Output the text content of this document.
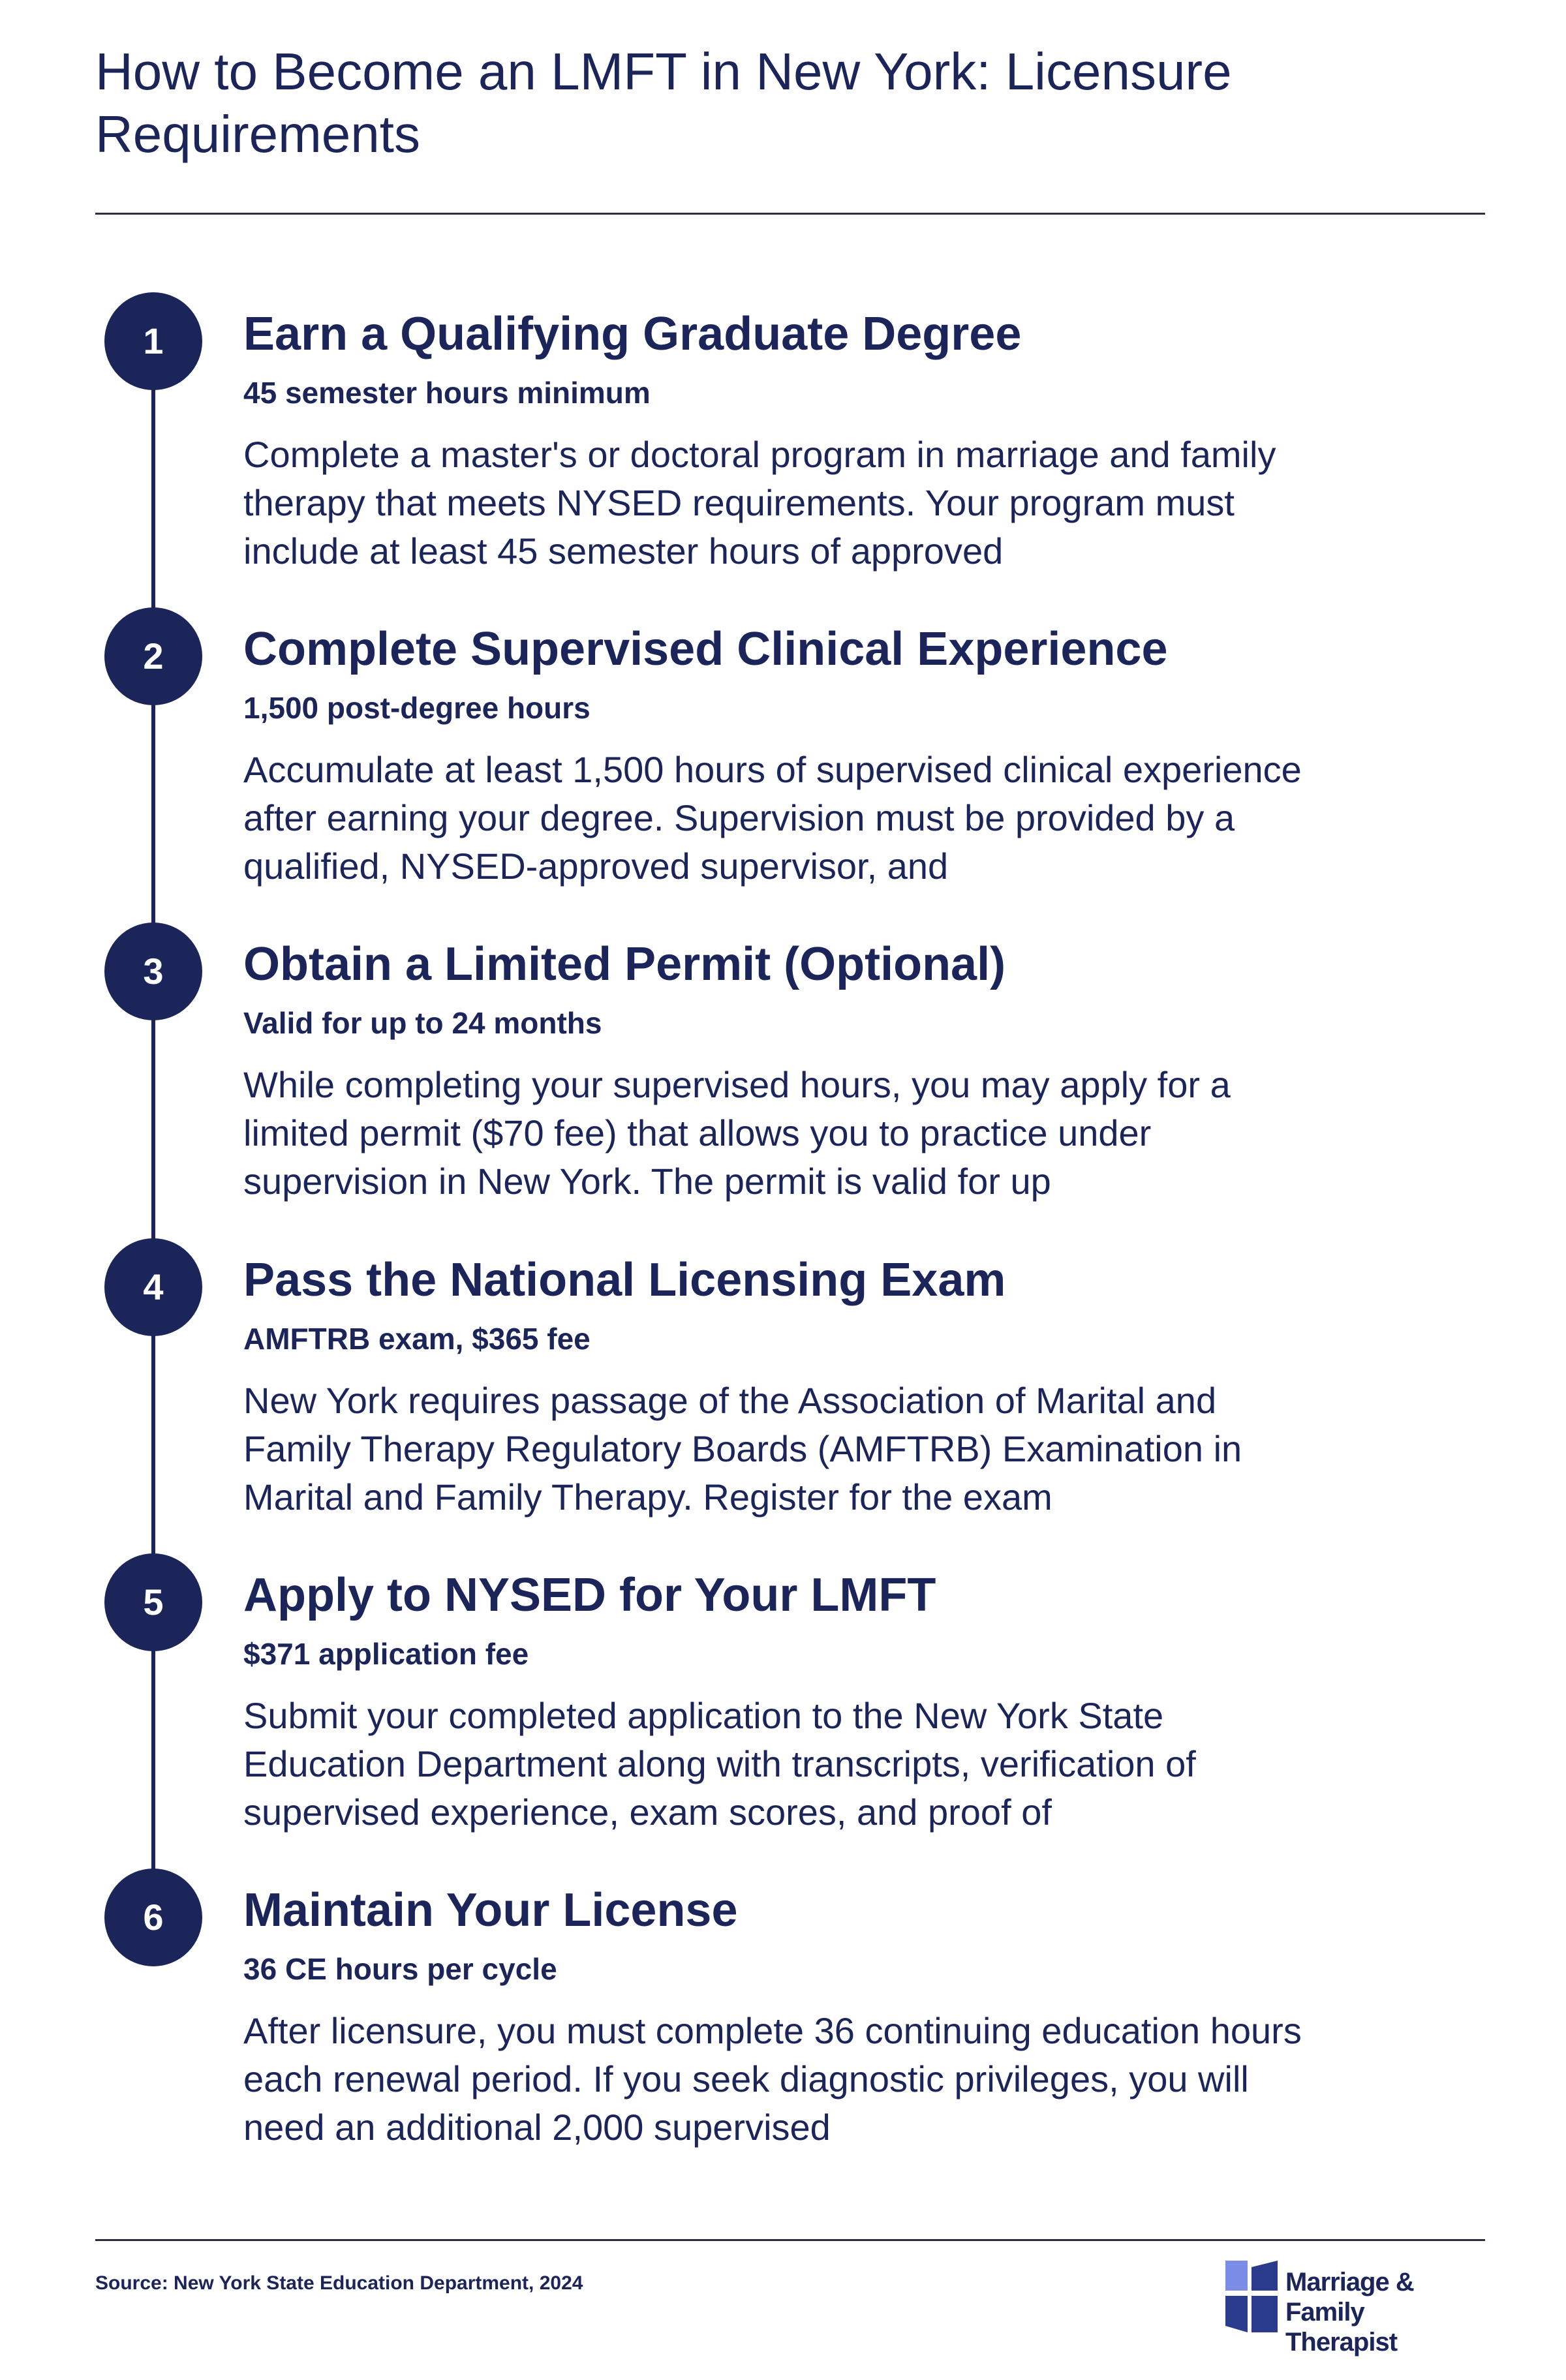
How to Become an LMFT in New York: Licensure Requirements
1	Earn a Qualifying Graduate Degree
45 semester hours minimum

Complete a master's or doctoral program in marriage and family therapy that meets NYSED requirements. Your program must include at least 45 semester hours of approved

2	Complete Supervised Clinical Experience
1,500 post-degree hours

Accumulate at least 1,500 hours of supervised clinical experience after earning your degree. Supervision must be provided by a qualified, NYSED-approved supervisor, and

3	Obtain a Limited Permit (Optional)
Valid for up to 24 months

While completing your supervised hours, you may apply for a limited permit ($70 fee) that allows you to practice under supervision in New York. The permit is valid for up

4	Pass the National Licensing Exam
AMFTRB exam, $365 fee

New York requires passage of the Association of Marital and Family Therapy Regulatory Boards (AMFTRB) Examination in Marital and Family Therapy. Register for the exam

5	Apply to NYSED for Your LMFT
$371 application fee

Submit your completed application to the New York State Education Department along with transcripts, verification of supervised experience, exam scores, and proof of

6	Maintain Your License
36 CE hours per cycle

After licensure, you must complete 36 continuing education hours each renewal period. If you seek diagnostic privileges, you will need an additional 2,000 supervised

Source: New York State Education Department, 2024	Marriage & Family
Therapist
